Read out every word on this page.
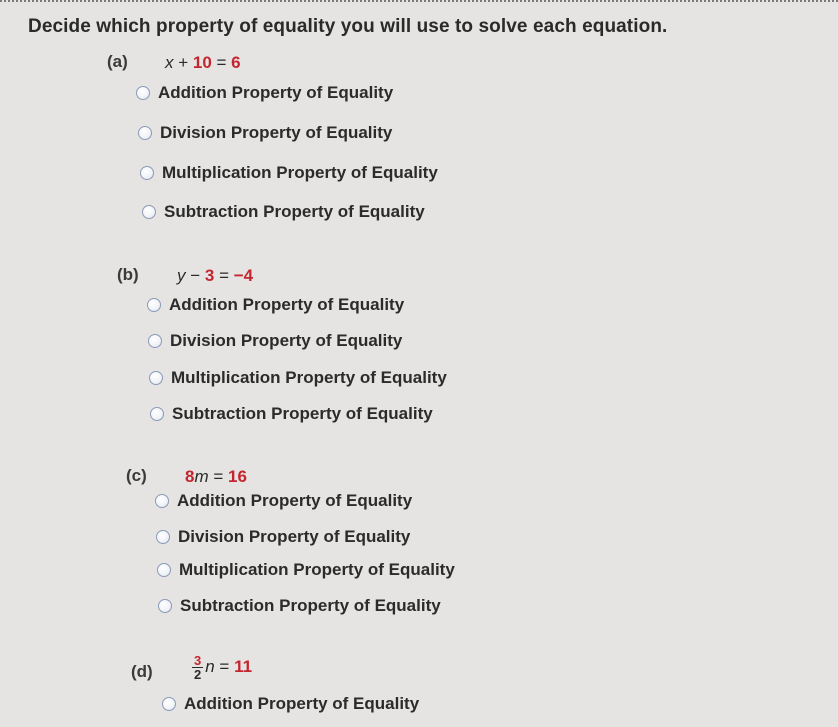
Decide which property of equality you will use to solve each equation.
(a) x + 10 = 6
Addition Property of Equality
Division Property of Equality
Multiplication Property of Equality
Subtraction Property of Equality
(b) y − 3 = −4
Addition Property of Equality
Division Property of Equality
Multiplication Property of Equality
Subtraction Property of Equality
(c) 8m = 16
Addition Property of Equality
Division Property of Equality
Multiplication Property of Equality
Subtraction Property of Equality
(d)	$\frac{3}{2}$ n = 11
Addition Property of Equality
